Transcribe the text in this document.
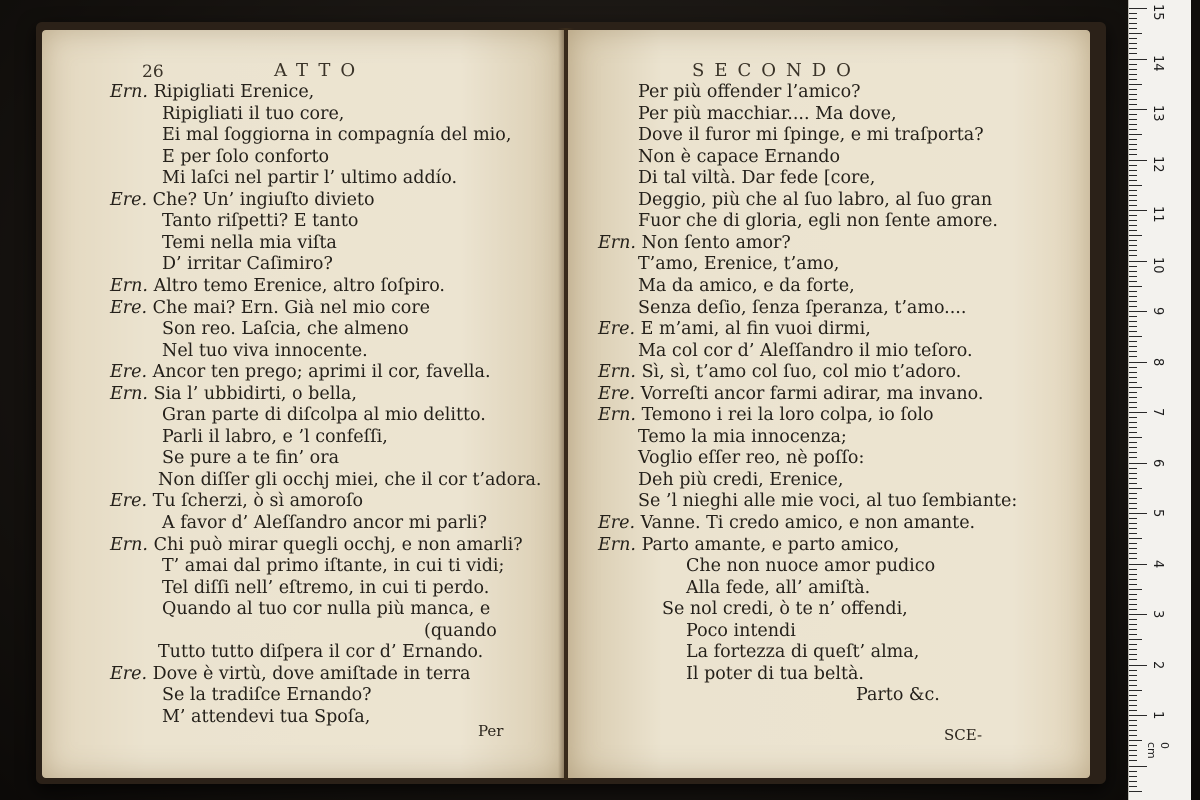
26	ATTO
Ern. Ripigliati Erenice,
Ripigliati il tuo core,
Ei mal ſoggiorna in compagnía del mio,
E per ſolo conforto
Mi laſci nel partir l’ ultimo addío.
Ere. Che? Un’ ingiuſto divieto
Tanto riſpetti? E tanto
Temi nella mia viſta
D’ irritar Caſimiro?
Ern. Altro temo Erenice, altro ſoſpiro.
Ere. Che mai? Ern. Già nel mio core
Son reo. Laſcia, che almeno
Nel tuo viva innocente.
Ere. Ancor ten prego; aprimi il cor, favella.
Ern. Sia l’ ubbidirti, o bella,
Gran parte di diſcolpa al mio delitto.
Parli il labro, e ’l confeſſi,
Se pure a te fin’ ora
Non diſſer gli occhj miei, che il cor t’adora.
Ere. Tu ſcherzi, ò sì amoroſo
A favor d’ Aleſſandro ancor mi parli?
Ern. Chi può mirar quegli occhj, e non amarli?
T’ amai dal primo iſtante, in cui ti vidi;
Tel diſſi nell’ eſtremo, in cui ti perdo.
Quando al tuo cor nulla più manca, e
(quando
Tutto tutto diſpera il cor d’ Ernando.
Ere. Dove è virtù, dove amiſtade in terra
Se la tradiſce Ernando?
M’ attendevi tua Spoſa,
Per
SECONDO
Per più offender l’amico?
Per più macchiar.... Ma dove,
Dove il furor mi ſpinge, e mi traſporta?
Non è capace Ernando
Di tal viltà. Dar fede [core,
Deggio, più che al ſuo labro, al ſuo gran
Fuor che di gloria, egli non ſente amore.
Ern. Non ſento amor?
T’amo, Erenice, t’amo,
Ma da amico, e da forte,
Senza deſio, ſenza ſperanza, t’amo....
Ere. E m’ami, al fin vuoi dirmi,
Ma col cor d’ Aleſſandro il mio teſoro.
Ern. Sì, sì, t’amo col ſuo, col mio t’adoro.
Ere. Vorreſti ancor farmi adirar, ma invano.
Ern. Temono i rei la loro colpa, io ſolo
Temo la mia innocenza;
Voglio eſſer reo, nè poſſo:
Deh più credi, Erenice,
Se ’l nieghi alle mie voci, al tuo ſembiante:
Ere. Vanne. Ti credo amico, e non amante.
Ern. Parto amante, e parto amico,
Che non nuoce amor pudico
Alla fede, all’ amiſtà.
Se nol credi, ò te n’ offendi,
Poco intendi
La fortezza di queſt’ alma,
Il poter di tua beltà.
Parto &c.
SCE-
0 cm
15
14
13
12
11
10
9
8
7
6
5
4
3
2
1
